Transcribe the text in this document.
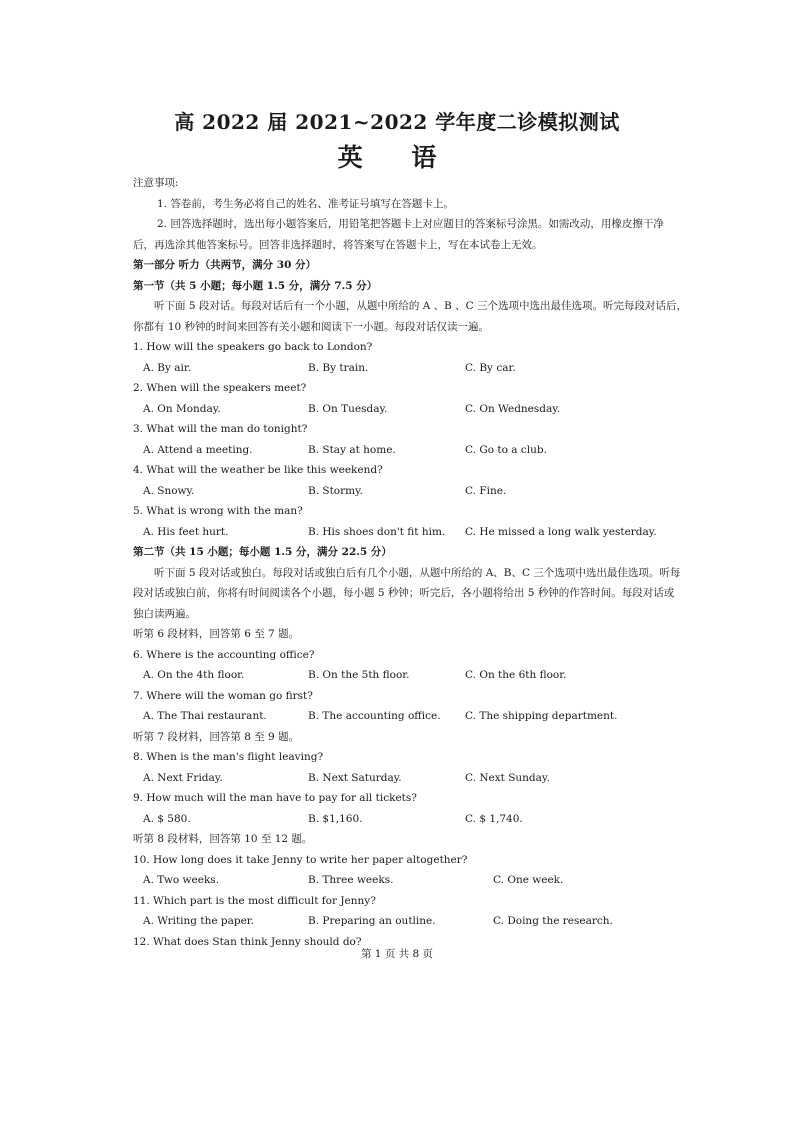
高 2022 届 2021~2022 学年度二诊模拟测试
英 语
注意事项:
1. 答卷前，考生务必将自己的姓名、准考证号填写在答题卡上。
2. 回答选择题时，选出每小题答案后，用铅笔把答题卡上对应题目的答案标号涂黑。如需改动，用橡皮擦干净
后，再选涂其他答案标号。回答非选择题时，将答案写在答题卡上，写在本试卷上无效。
第一部分 听力（共两节，满分 30 分）
第一节（共 5 小题；每小题 1.5 分，满分 7.5 分）
听下面 5 段对话。每段对话后有一个小题，从题中所给的 A 、B 、C 三个选项中选出最佳选项。听完每段对话后，
你都有 10 秒钟的时间来回答有关小题和阅读下一小题。每段对话仅读一遍。
1. How will the speakers go back to London?
A. By air.	B. By train.	C. By car.
2. When will the speakers meet?
A. On Monday.	B. On Tuesday.	C. On Wednesday.
3. What will the man do tonight?
A. Attend a meeting.	B. Stay at home.	C. Go to a club.
4. What will the weather be like this weekend?
A. Snowy.	B. Stormy.	C. Fine.
5. What is wrong with the man?
A. His feet hurt.	B. His shoes don't fit him. C. He missed a long walk yesterday.
第二节（共 15 小题；每小题 1.5 分，满分 22.5 分）
听下面 5 段对话或独白。每段对话或独白后有几个小题，从题中所给的 A、B、C 三个选项中选出最佳选项。听每
段对话或独白前，你将有时间阅读各个小题，每小题 5 秒钟；听完后，各小题将给出 5 秒钟的作答时间。每段对话或
独白读两遍。
听第 6 段材料，回答第 6 至 7 题。
6. Where is the accounting office?
A. On the 4th floor.	B. On the 5th floor.	C. On the 6th floor.
7. Where will the woman go first?
A. The Thai restaurant.	B. The accounting office. C. The shipping department.
听第 7 段材料，回答第 8 至 9 题。
8. When is the man's flight leaving?
A. Next Friday.	B. Next Saturday.	C. Next Sunday.
9. How much will the man have to pay for all tickets?
A. $ 580.	B. $1,160.	C. $ 1,740.
听第 8 段材料，回答第 10 至 12 题。
10. How long does it take Jenny to write her paper altogether?
A. Two weeks.	B. Three weeks.	C. One week.
11. Which part is the most difficult for Jenny?
A. Writing the paper.	B. Preparing an outline.	C. Doing the research.
12. What does Stan think Jenny should do?
第 1 页 共 8 页
